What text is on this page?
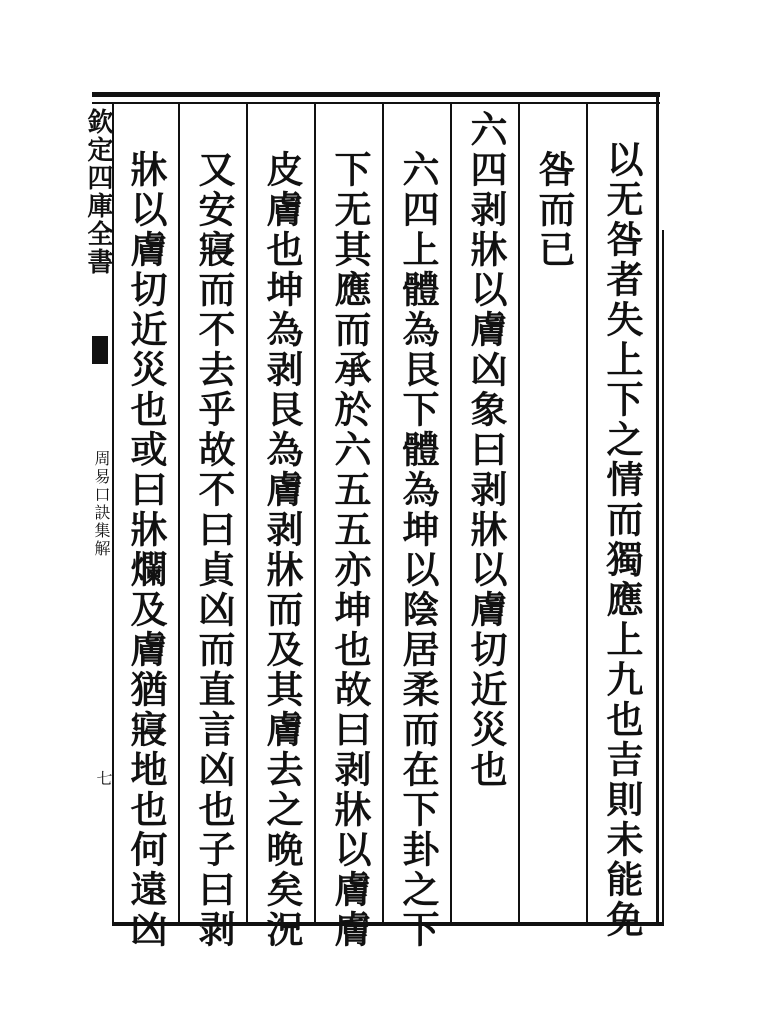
欽定四庫全書
周易口訣集解
七	以无咎者失上下之情而獨應上九也吉則未能免
咎而已
六四剥牀以膚凶象曰剥牀以膚切近災也
六四上體為艮下體為坤以陰居柔而在下卦之下
下无其應而承於六五五亦坤也故曰剥牀以膚膚
皮膚也坤為剥艮為膚剥牀而及其膚去之晩矣況
又安寢而不去乎故不曰貞凶而直言凶也子曰剥
牀以膚切近災也或曰牀爛及膚猶寢地也何遠凶
